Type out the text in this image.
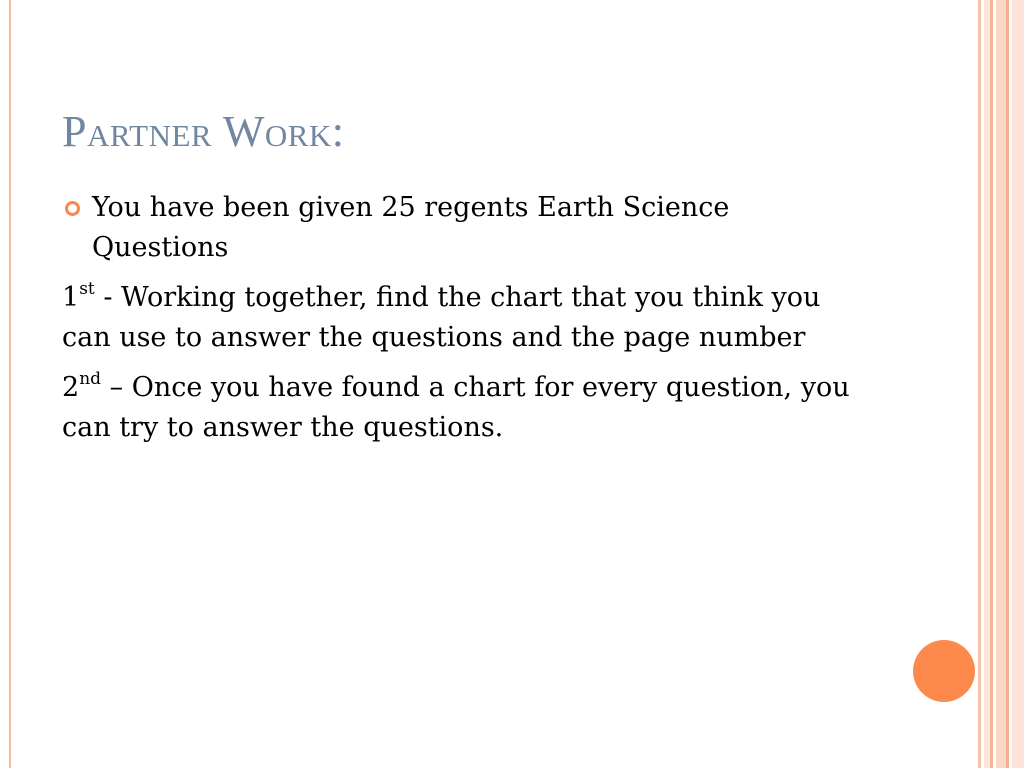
Partner Work:
You have been given 25 regents Earth Science Questions
1st - Working together, find the chart that you think you can use to answer the questions and the page number
2nd – Once you have found a chart for every question, you can try to answer the questions.
